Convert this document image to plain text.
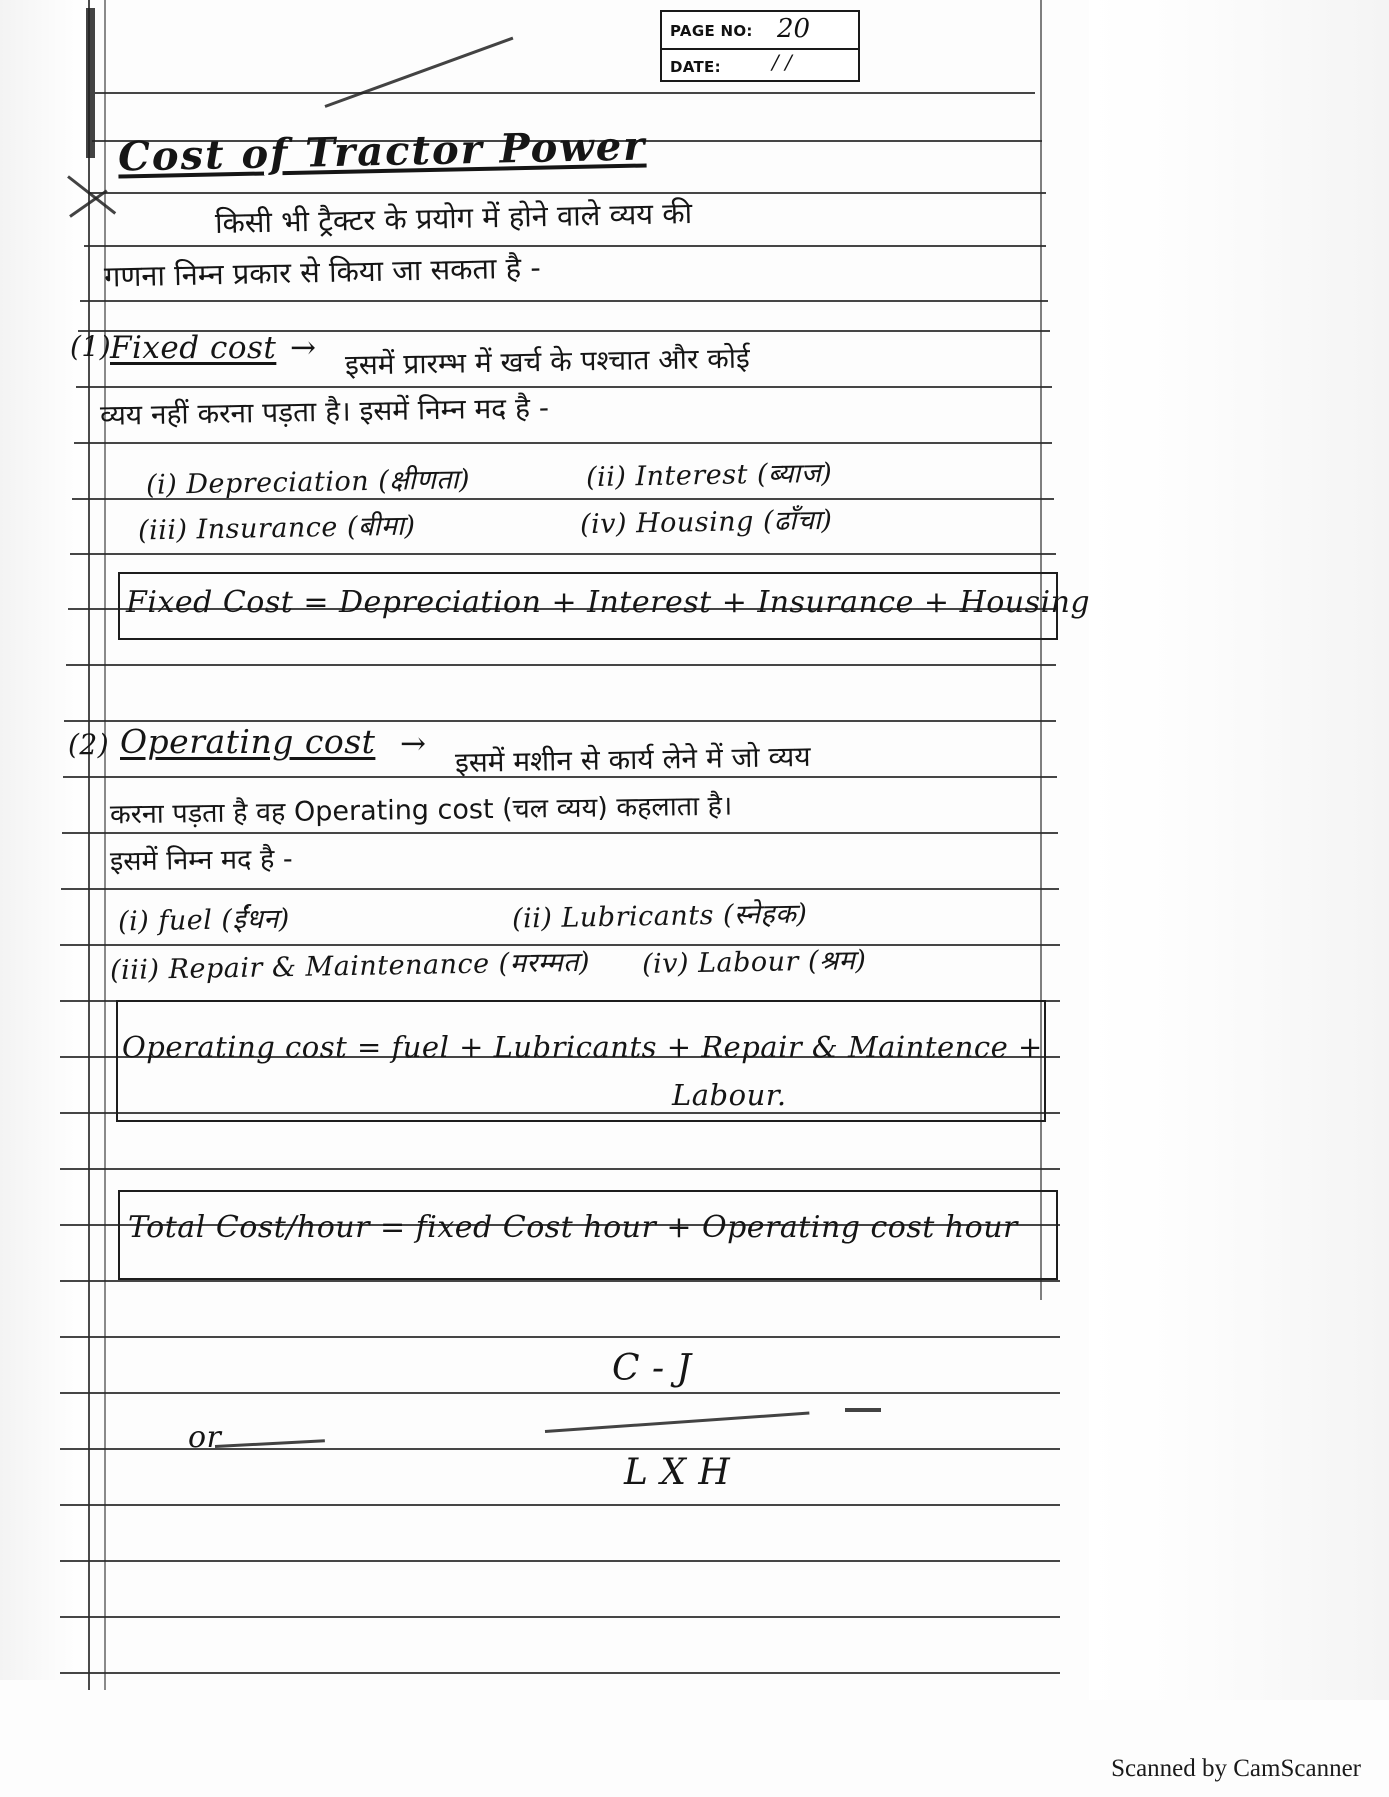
PAGE NO: 20
DATE:	/ /
Cost of Tractor Power
किसी भी ट्रैक्टर के प्रयोग में होने वाले व्यय की
गणना निम्न प्रकार से किया जा सकता है -
(1)
Fixed cost → इसमें प्रारम्भ में खर्च के पश्चात और कोई
व्यय नहीं करना पड़ता है। इसमें निम्न मद है -
(i) Depreciation (क्षीणता)	(ii) Interest (ब्याज)
(iii) Insurance (बीमा)	(iv) Housing (ढाँचा)
Fixed Cost = Depreciation + Interest + Insurance + Housing
(2) Operating cost → इसमें मशीन से कार्य लेने में जो व्यय
करना पड़ता है वह Operating cost (चल व्यय) कहलाता है।
इसमें निम्न मद है -
(i) fuel (ईंधन)	(ii) Lubricants (स्नेहक)
(iii) Repair & Maintenance (मरम्मत) (iv) Labour (श्रम)
Operating cost = fuel + Lubricants + Repair & Maintence +
Labour.
Total Cost/hour = fixed Cost hour + Operating cost hour
C - J
L X H
or
Scanned by CamScanner
